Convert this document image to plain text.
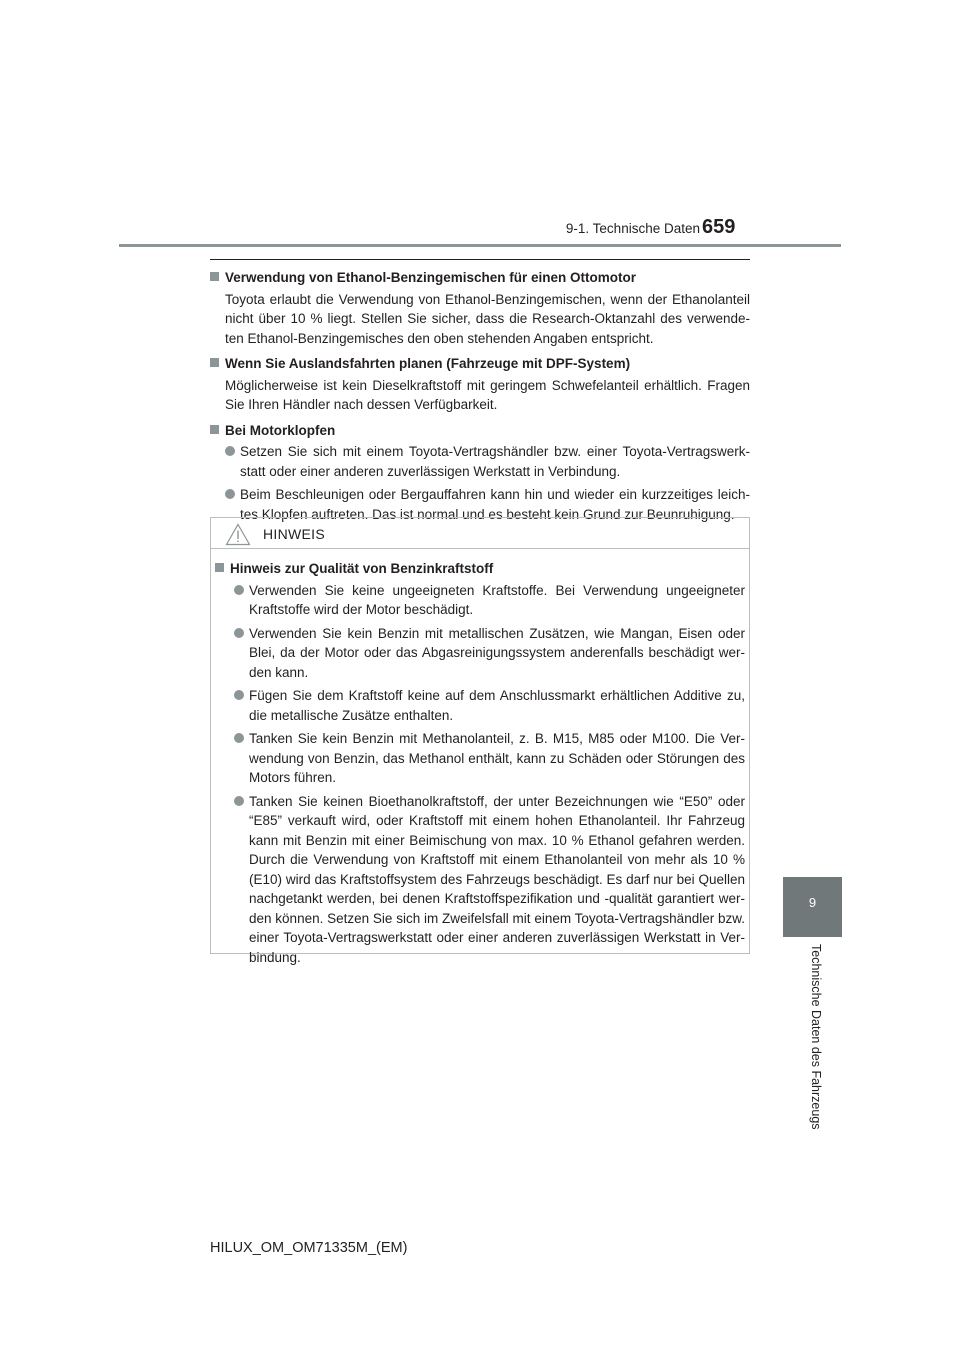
9-1. Technische Daten 659
9
Technische Daten des Fahrzeugs
Verwendung von Ethanol-Benzingemischen für einen Ottomotor
Toyota erlaubt die Verwendung von Ethanol-Benzingemischen, wenn der Ethanolanteil nicht über 10 % liegt. Stellen Sie sicher, dass die Research-Oktanzahl des verwende-ten Ethanol-Benzingemisches den oben stehenden Angaben entspricht.
Wenn Sie Auslandsfahrten planen (Fahrzeuge mit DPF-System)
Möglicherweise ist kein Dieselkraftstoff mit geringem Schwefelanteil erhältlich. Fragen Sie Ihren Händler nach dessen Verfügbarkeit.
Bei Motorklopfen
Setzen Sie sich mit einem Toyota-Vertragshändler bzw. einer Toyota-Vertragswerk-statt oder einer anderen zuverlässigen Werkstatt in Verbindung.
Beim Beschleunigen oder Bergauffahren kann hin und wieder ein kurzzeitiges leich-tes Klopfen auftreten. Das ist normal und es besteht kein Grund zur Beunruhigung.
HINWEIS
Hinweis zur Qualität von Benzinkraftstoff
Verwenden Sie keine ungeeigneten Kraftstoffe. Bei Verwendung ungeeigneter Kraftstoffe wird der Motor beschädigt.
Verwenden Sie kein Benzin mit metallischen Zusätzen, wie Mangan, Eisen oder Blei, da der Motor oder das Abgasreinigungssystem anderenfalls beschädigt wer-den kann.
Fügen Sie dem Kraftstoff keine auf dem Anschlussmarkt erhältlichen Additive zu, die metallische Zusätze enthalten.
Tanken Sie kein Benzin mit Methanolanteil, z. B. M15, M85 oder M100. Die Ver-wendung von Benzin, das Methanol enthält, kann zu Schäden oder Störungen des Motors führen.
Tanken Sie keinen Bioethanolkraftstoff, der unter Bezeichnungen wie “E50” oder “E85” verkauft wird, oder Kraftstoff mit einem hohen Ethanolanteil. Ihr Fahrzeug kann mit Benzin mit einer Beimischung von max. 10 % Ethanol gefahren werden. Durch die Verwendung von Kraftstoff mit einem Ethanolanteil von mehr als 10 % (E10) wird das Kraftstoffsystem des Fahrzeugs beschädigt. Es darf nur bei Quellen nachgetankt werden, bei denen Kraftstoffspezifikation und -qualität garantiert wer-den können. Setzen Sie sich im Zweifelsfall mit einem Toyota-Vertragshändler bzw. einer Toyota-Vertragswerkstatt oder einer anderen zuverlässigen Werkstatt in Ver-bindung.
HILUX_OM_OM71335M_(EM)
